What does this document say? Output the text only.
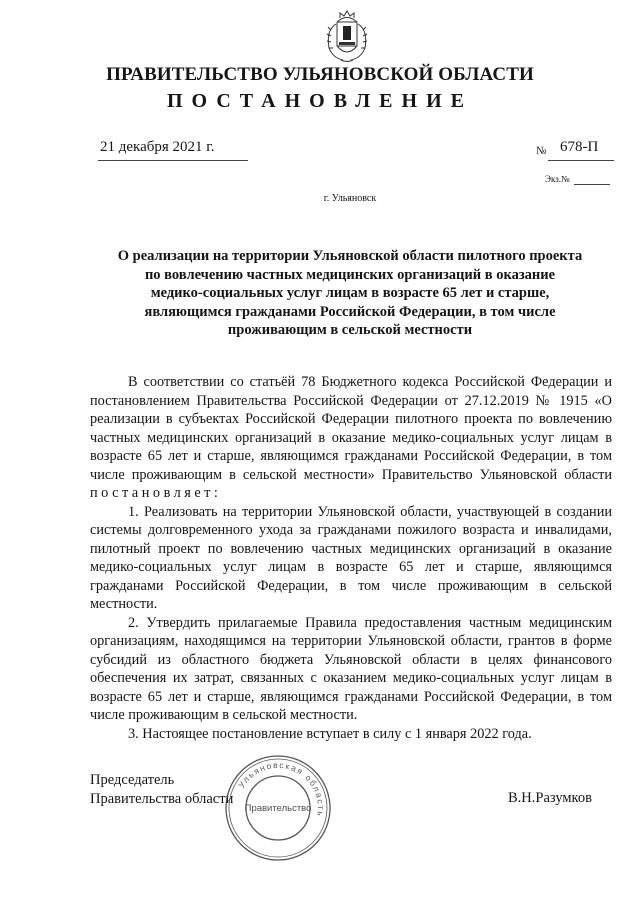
ПРАВИТЕЛЬСТВО УЛЬЯНОВСКОЙ ОБЛАСТИ
ПОСТАНОВЛЕНИЕ
21 декабря 2021 г.	№ 678-П
Экз.№
г. Ульяновск
О реализации на территории Ульяновской области пилотного проекта
по вовлечению частных медицинских организаций в оказание
медико-социальных услуг лицам в возрасте 65 лет и старше,
являющимся гражданами Российской Федерации, в том числе
проживающим в сельской местности

В соответствии со статьёй 78 Бюджетного кодекса Российской Федерации и постановлением Правительства Российской Федерации от 27.12.2019 № 1915 «О реализации в субъектах Российской Федерации пилотного проекта по вовлечению частных медицинских организаций в оказание медико-социальных услуг лицам в возрасте 65 лет и старше, являющимся гражданами Российской Федерации, в том числе проживающим в сельской местности» Правительство Ульяновской области постановляет:

1. Реализовать на территории Ульяновской области, участвующей в создании системы долговременного ухода за гражданами пожилого возраста и инвалидами, пилотный проект по вовлечению частных медицинских организаций в оказание медико-социальных услуг лицам в возрасте 65 лет и старше, являющимся гражданами Российской Федерации, в том числе проживающим в сельской местности.

2. Утвердить прилагаемые Правила предоставления частным медицинским организациям, находящимся на территории Ульяновской области, грантов в форме субсидий из областного бюджета Ульяновской области в целях финансового обеспечения их затрат, связанных с оказанием медико-социальных услуг лицам в возрасте 65 лет и старше, являющимся гражданами Российской Федерации, в том числе проживающим в сельской местности.

3. Настоящее постановление вступает в силу с 1 января 2022 года.

Председатель
Правительства области	В.Н.Разумков
Ульяновская область
Правительство
